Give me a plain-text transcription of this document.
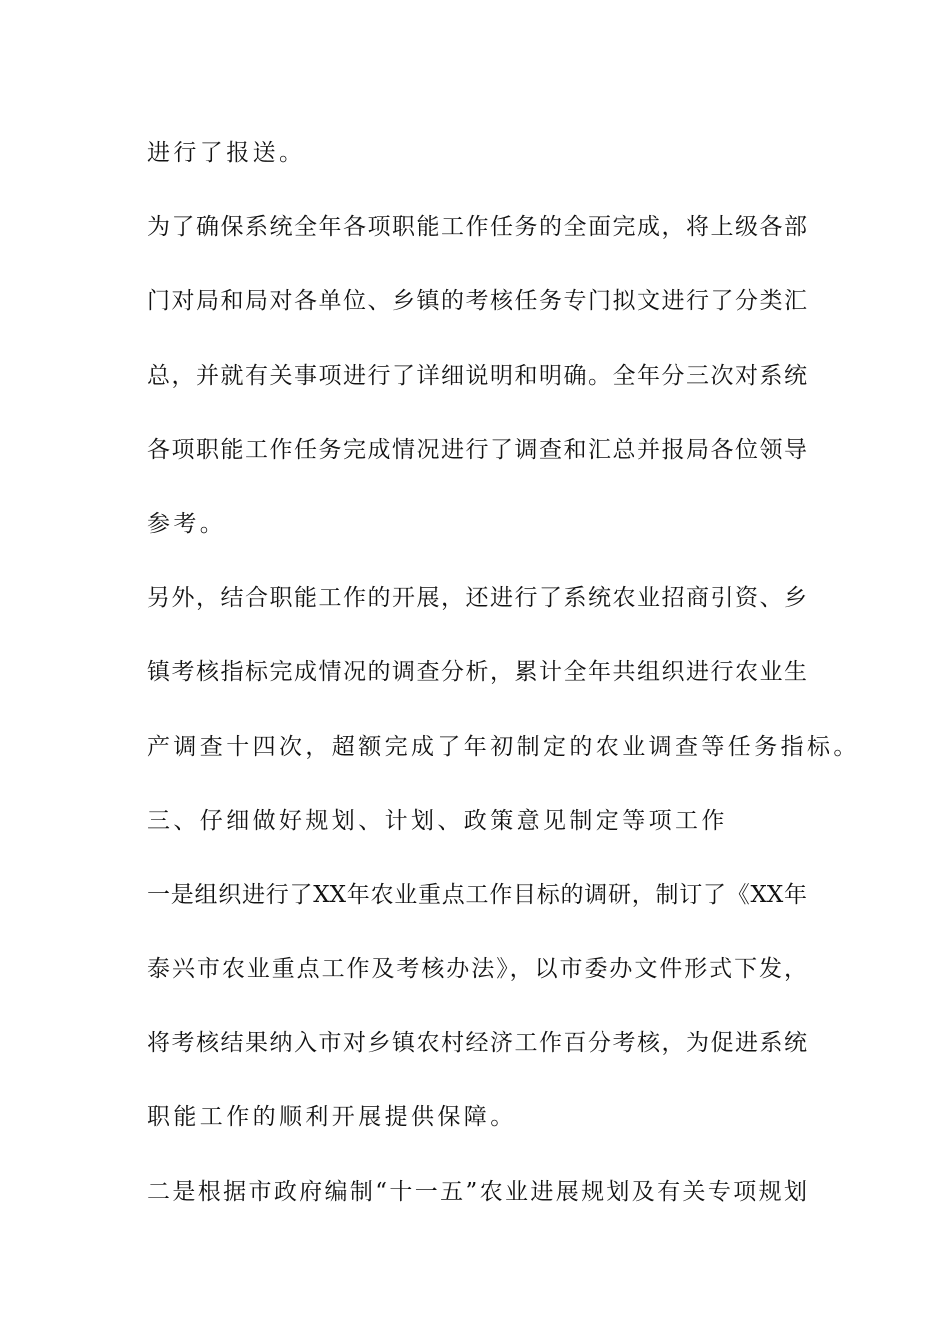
进行了报送。
为了确保系统全年各项职能工作任务的全面完成，将上级各部
门对局和局对各单位、乡镇的考核任务专门拟文进行了分类汇
总，并就有关事项进行了详细说明和明确。全年分三次对系统
各项职能工作任务完成情况进行了调查和汇总并报局各位领导
参考。
另外，结合职能工作的开展，还进行了系统农业招商引资、乡
镇考核指标完成情况的调查分析，累计全年共组织进行农业生
产调查十四次，超额完成了年初制定的农业调查等任务指标。
三、仔细做好规划、计划、政策意见制定等项工作
一是组织进行了XX年农业重点工作目标的调研，制订了《XX年
泰兴市农业重点工作及考核办法》，以市委办文件形式下发，
将考核结果纳入市对乡镇农村经济工作百分考核，为促进系统
职能工作的顺利开展提供保障。
二是根据市政府编制“十一五”农业进展规划及有关专项规划
